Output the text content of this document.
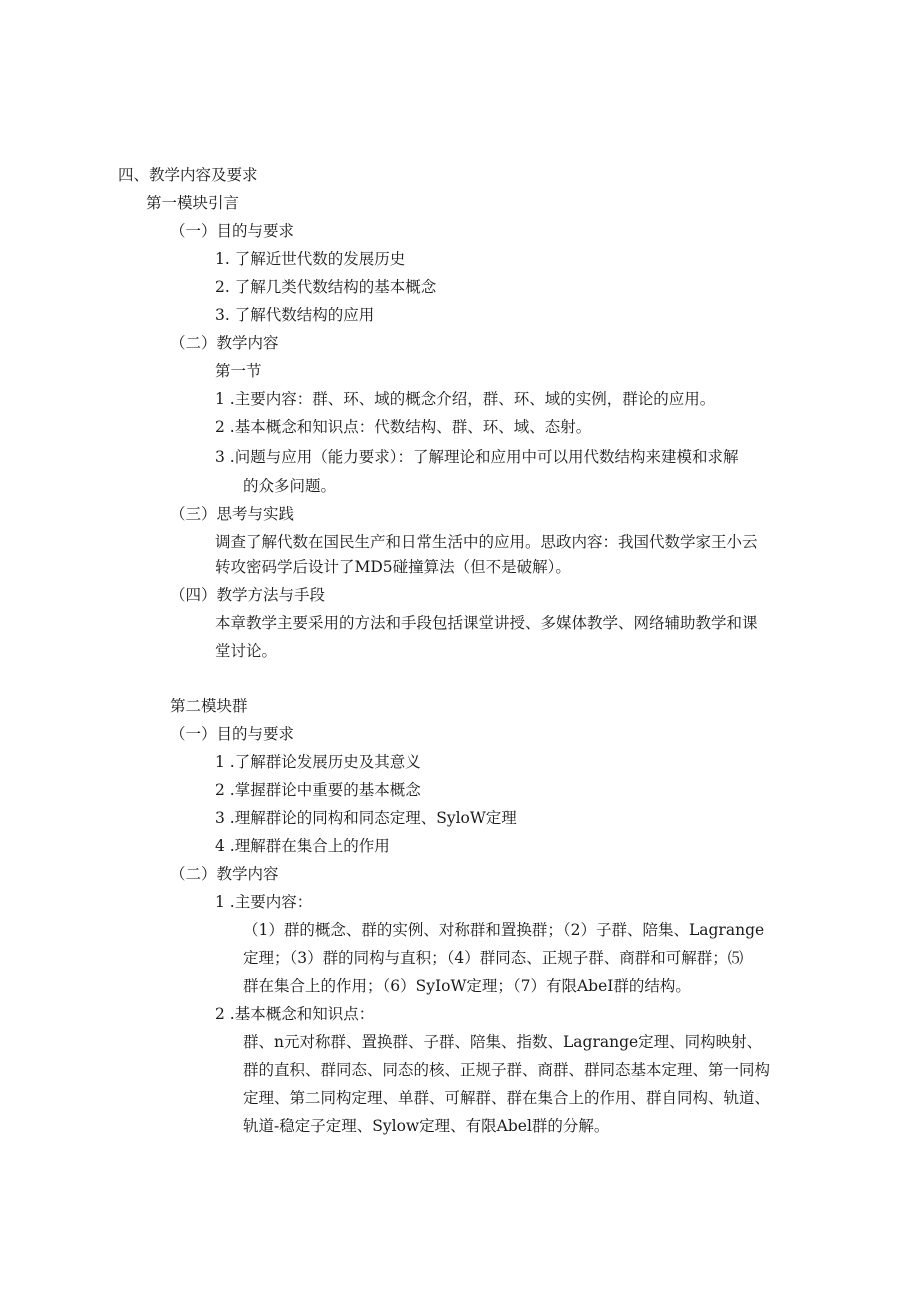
四、教学内容及要求
第一模块引言
（一）目的与要求
1. 了解近世代数的发展历史
2. 了解几类代数结构的基本概念
3. 了解代数结构的应用
（二）教学内容
第一节
1 .主要内容：群、环、域的概念介绍，群、环、域的实例，群论的应用。
2 .基本概念和知识点：代数结构、群、环、域、态射。
3 .问题与应用（能力要求）：了解理论和应用中可以用代数结构来建模和求解
的众多问题。
（三）思考与实践
调查了解代数在国民生产和日常生活中的应用。思政内容：我国代数学家王小云
转攻密码学后设计了MD5碰撞算法（但不是破解）。
（四）教学方法与手段
本章教学主要采用的方法和手段包括课堂讲授、多媒体教学、网络辅助教学和课
堂讨论。
第二模块群
（一）目的与要求
1 .了解群论发展历史及其意义
2 .掌握群论中重要的基本概念
3 .理解群论的同构和同态定理、SyloW定理
4 .理解群在集合上的作用
（二）教学内容
1 .主要内容：
（1）群的概念、群的实例、对称群和置换群；（2）子群、陪集、Lagrange
定理；（3）群的同构与直积；（4）群同态、正规子群、商群和可解群；⑸
群在集合上的作用；（6）SyIoW定理；（7）有限AbeI群的结构。
2 .基本概念和知识点：
群、n元对称群、置换群、子群、陪集、指数、Lagrange定理、同构映射、
群的直积、群同态、同态的核、正规子群、商群、群同态基本定理、第一同构
定理、第二同构定理、单群、可解群、群在集合上的作用、群自同构、轨道、
轨道-稳定子定理、Sylow定理、有限Abel群的分解。
